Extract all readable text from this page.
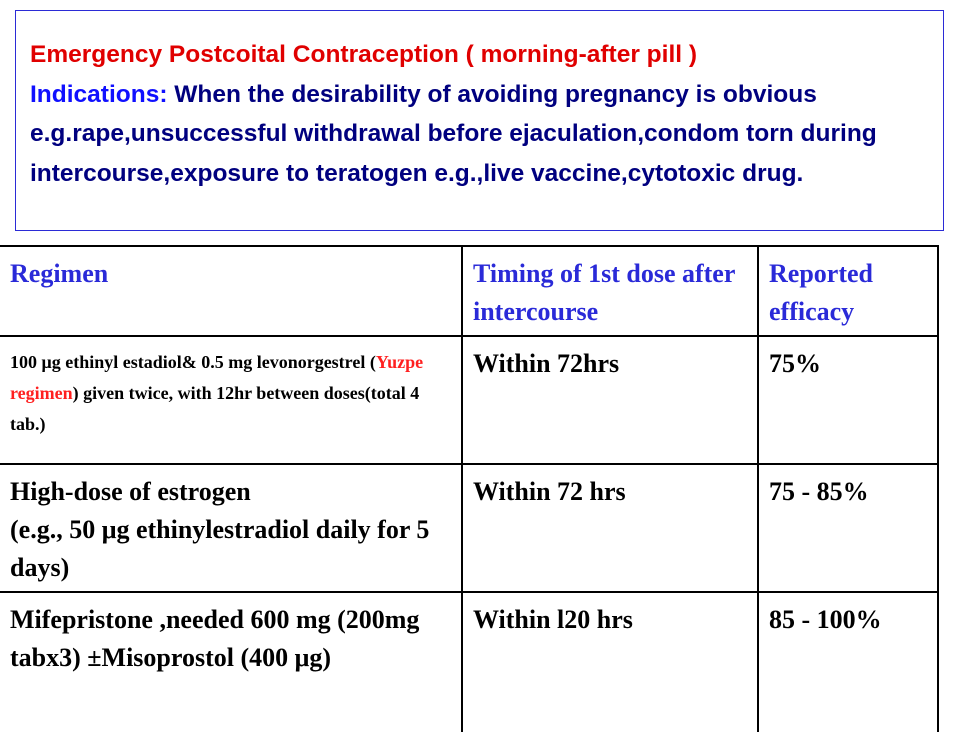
Emergency Postcoital Contraception ( morning-after pill )
Indications: When the desirability of avoiding pregnancy is obvious e.g.rape,unsuccessful withdrawal before ejaculation,condom torn during intercourse,exposure to teratogen e.g.,live vaccine,cytotoxic drug.
Regimen	Timing of 1st dose after intercourse	Reported efficacy
100 μg ethinyl estadiol& 0.5 mg levonorgestrel (Yuzpe regimen) given twice, with 12hr between doses(total 4 tab.)	Within 72hrs	75%
High-dose of estrogen
(e.g., 50 μg ethinylestradiol daily for 5 days)	Within 72 hrs	75 - 85%
Mifepristone ,needed 600 mg (200mg tabx3) ±Misoprostol (400 μg)	Within l20 hrs	85 - 100%
